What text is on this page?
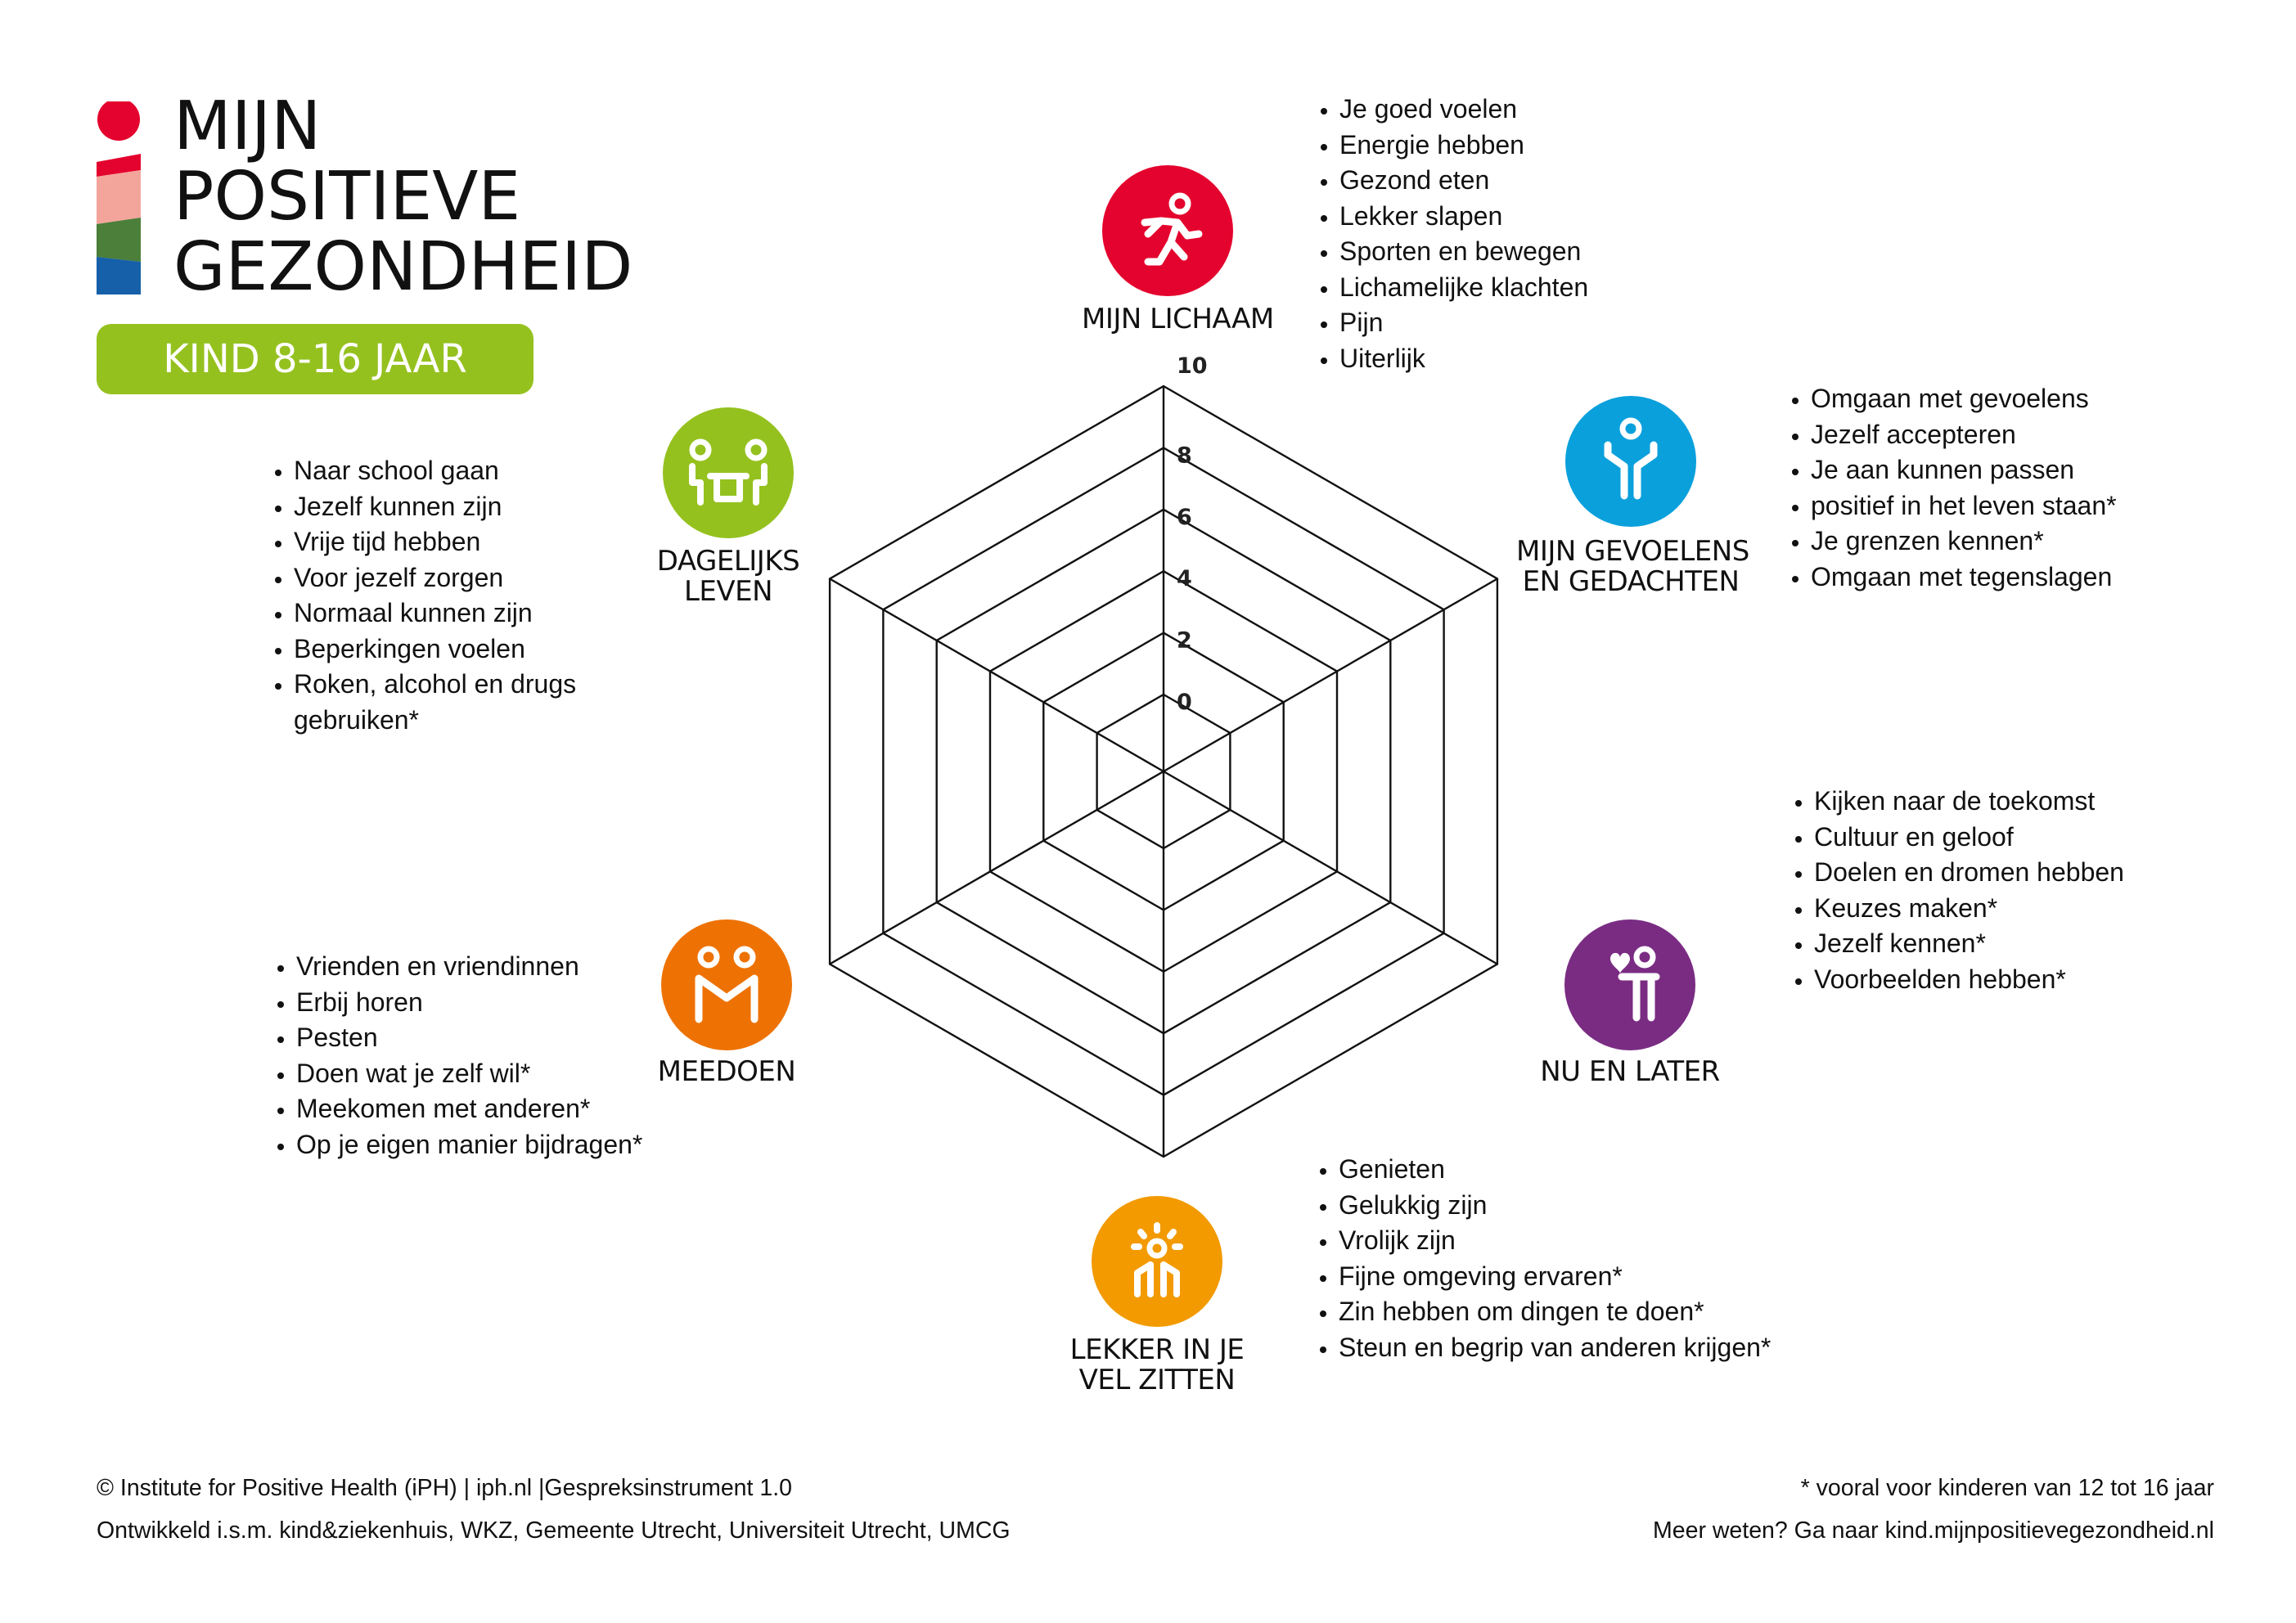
MIJN
POSITIEVE
GEZONDHEID
KIND 8-16 JAAR
0
2
4
6
8
10
MIJN LICHAAM
• Je goed voelen
• Energie hebben
• Gezond eten
• Lekker slapen
• Sporten en bewegen
• Lichamelijke klachten
• Pijn
• Uiterlijk
MIJN GEVOELENS
EN GEDACHTEN
• Omgaan met gevoelens
• Jezelf accepteren
• Je aan kunnen passen
• positief in het leven staan*
• Je grenzen kennen*
• Omgaan met tegenslagen
NU EN LATER
• Kijken naar de toekomst
• Cultuur en geloof
• Doelen en dromen hebben
• Keuzes maken*
• Jezelf kennen*
• Voorbeelden hebben*
LEKKER IN JE
VEL ZITTEN
• Genieten
• Gelukkig zijn
• Vrolijk zijn
• Fijne omgeving ervaren*
• Zin hebben om dingen te doen*
• Steun en begrip van anderen krijgen*
MEEDOEN
• Vrienden en vriendinnen
• Erbij horen
• Pesten
• Doen wat je zelf wil*
• Meekomen met anderen*
• Op je eigen manier bijdragen*
DAGELIJKS
LEVEN
• Naar school gaan
• Jezelf kunnen zijn
• Vrije tijd hebben
• Voor jezelf zorgen
• Normaal kunnen zijn
• Beperkingen voelen
• Roken, alcohol en drugs
gebruiken*
© Institute for Positive Health (iPH) | iph.nl |Gespreksinstrument 1.0
Ontwikkeld i.s.m. kind&ziekenhuis, WKZ, Gemeente Utrecht, Universiteit Utrecht, UMCG
* vooral voor kinderen van 12 tot 16 jaar
Meer weten? Ga naar kind.mijnpositievegezondheid.nl
